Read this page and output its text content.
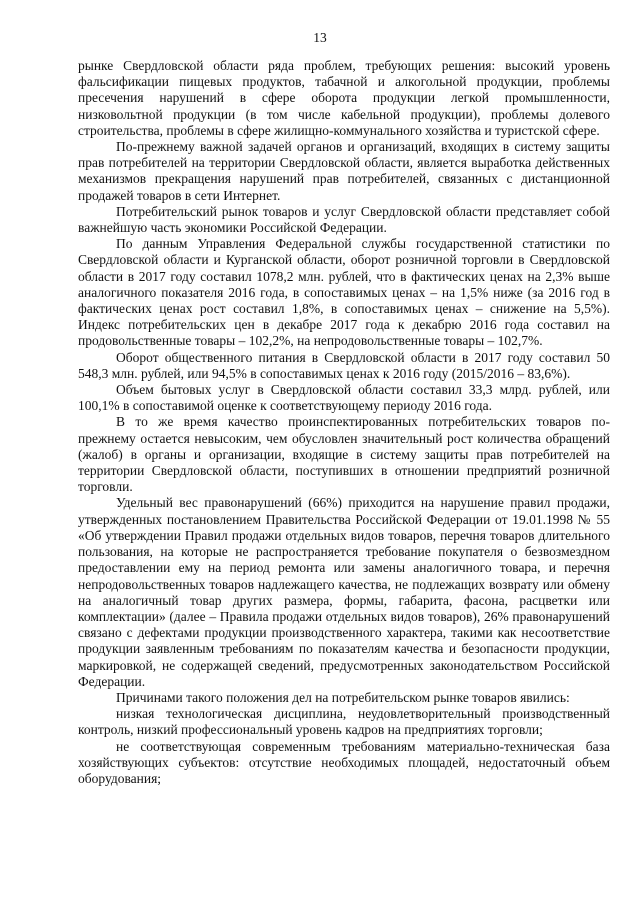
13

рынке Свердловской области ряда проблем, требующих решения: высокий уровень фальсификации пищевых продуктов, табачной и алкогольной продукции, проблемы пресечения нарушений в сфере оборота продукции легкой промышленности, низковольтной продукции (в том числе кабельной продукции), проблемы долевого строительства, проблемы в сфере жилищно-коммунального хозяйства и туристской сфере.

По-прежнему важной задачей органов и организаций, входящих в систему защиты прав потребителей на территории Свердловской области, является выработка действенных механизмов прекращения нарушений прав потребителей, связанных с дистанционной продажей товаров в сети Интернет.

Потребительский рынок товаров и услуг Свердловской области представляет собой важнейшую часть экономики Российской Федерации.

По данным Управления Федеральной службы государственной статистики по Свердловской области и Курганской области, оборот розничной торговли в Свердловской области в 2017 году составил 1078,2 млн. рублей, что в фактических ценах на 2,3% выше аналогичного показателя 2016 года, в сопоставимых ценах – на 1,5% ниже (за 2016 год в фактических ценах рост составил 1,8%, в сопоставимых ценах – снижение на 5,5%). Индекс потребительских цен в декабре 2017 года к декабрю 2016 года составил на продовольственные товары – 102,2%, на непродовольственные товары – 102,7%.

Оборот общественного питания в Свердловской области в 2017 году составил 50 548,3 млн. рублей, или 94,5% в сопоставимых ценах к 2016 году (2015/2016 – 83,6%).

Объем бытовых услуг в Свердловской области составил 33,3 млрд. рублей, или 100,1% в сопоставимой оценке к соответствующему периоду 2016 года.

В то же время качество проинспектированных потребительских товаров по-прежнему остается невысоким, чем обусловлен значительный рост количества обращений (жалоб) в органы и организации, входящие в систему защиты прав потребителей на территории Свердловской области, поступивших в отношении предприятий розничной торговли.

Удельный вес правонарушений (66%) приходится на нарушение правил продажи, утвержденных постановлением Правительства Российской Федерации от 19.01.1998 № 55 «Об утверждении Правил продажи отдельных видов товаров, перечня товаров длительного пользования, на которые не распространяется требование покупателя о безвозмездном предоставлении ему на период ремонта или замены аналогичного товара, и перечня непродовольственных товаров надлежащего качества, не подлежащих возврату или обмену на аналогичный товар других размера, формы, габарита, фасона, расцветки или комплектации» (далее – Правила продажи отдельных видов товаров), 26% правонарушений связано с дефектами продукции производственного характера, такими как несоответствие продукции заявленным требованиям по показателям качества и безопасности продукции, маркировкой, не содержащей сведений, предусмотренных законодательством Российской Федерации.

Причинами такого положения дел на потребительском рынке товаров явились:

низкая технологическая дисциплина, неудовлетворительный производственный контроль, низкий профессиональный уровень кадров на предприятиях торговли;

не соответствующая современным требованиям материально-техническая база хозяйствующих субъектов: отсутствие необходимых площадей, недостаточный объем оборудования;
